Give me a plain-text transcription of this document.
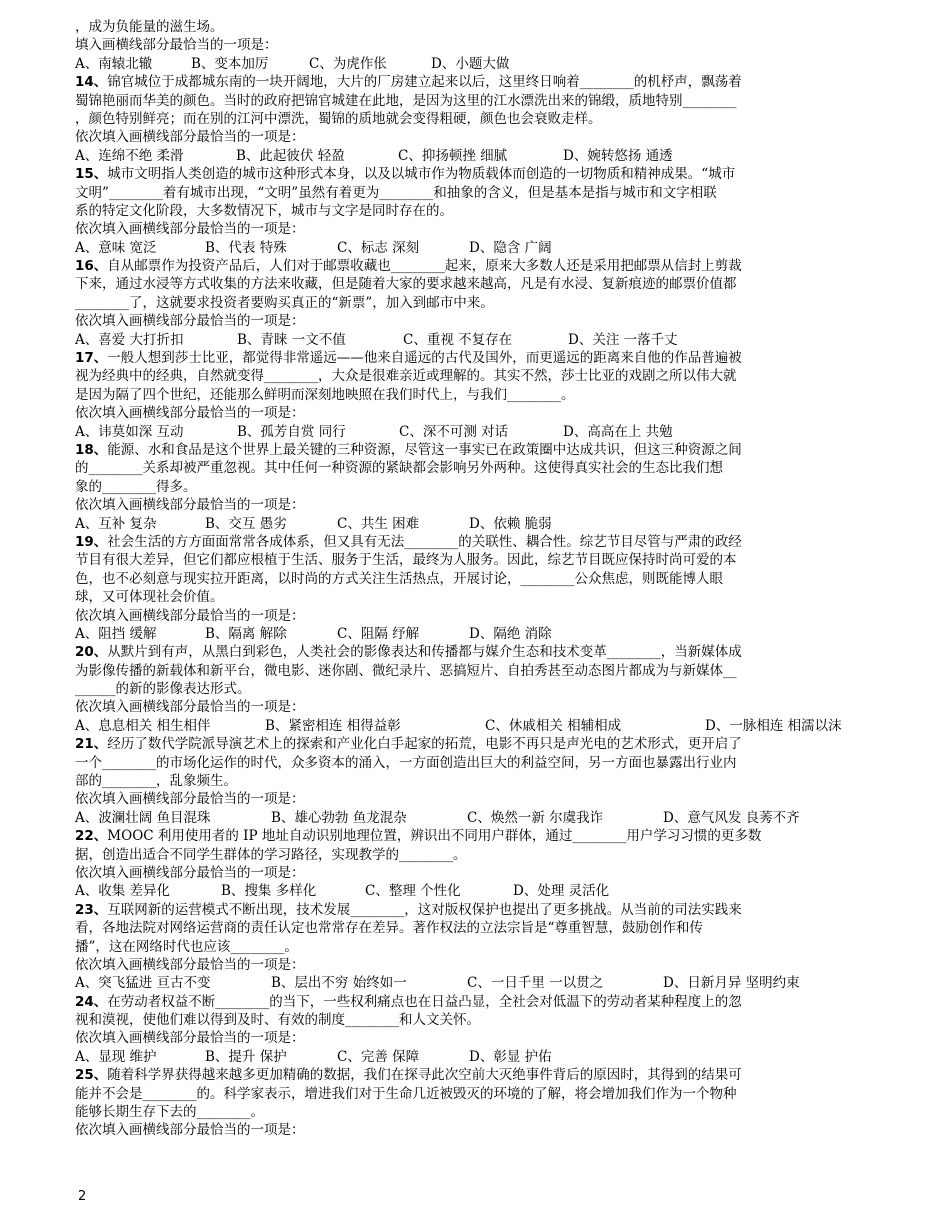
，成为负能量的滋生场。
填入画横线部分最恰当的一项是：
A、南辕北辙	B、变本加厉	C、为虎作伥	D、小题大做
14、锦官城位于成都城东南的一块开阔地，大片的厂房建立起来以后，这里终日响着________的机杼声，飘荡着
蜀锦艳丽而华美的颜色。当时的政府把锦官城建在此地，是因为这里的江水漂洗出来的锦缎，质地特别________
，颜色特别鲜亮；而在别的江河中漂洗，蜀锦的质地就会变得粗硬，颜色也会衰败走样。
依次填入画横线部分最恰当的一项是：
A、连绵不绝 柔滑	B、此起彼伏 轻盈	C、抑扬顿挫 细腻	D、婉转悠扬 通透
15、城市文明指人类创造的城市这种形式本身，以及以城市作为物质载体而创造的一切物质和精神成果。“城市
文明”________着有城市出现，“文明”虽然有着更为________和抽象的含义，但是基本是指与城市和文字相联
系的特定文化阶段，大多数情况下，城市与文字是同时存在的。
依次填入画横线部分最恰当的一项是：
A、意味 宽泛	B、代表 特殊	C、标志 深刻	D、隐含 广阔
16、自从邮票作为投资产品后，人们对于邮票收藏也________起来，原来大多数人还是采用把邮票从信封上剪裁
下来，通过水浸等方式收集的方法来收藏，但是随着大家的要求越来越高，凡是有水浸、复新痕迹的邮票价值都
________了，这就要求投资者要购买真正的“新票”，加入到邮市中来。
依次填入画横线部分最恰当的一项是：
A、喜爱 大打折扣	B、青睐 一文不值	C、重视 不复存在	D、关注 一落千丈
17、一般人想到莎士比亚，都觉得非常遥远——他来自遥远的古代及国外，而更遥远的距离来自他的作品普遍被
视为经典中的经典，自然就变得________，大众是很难亲近或理解的。其实不然，莎士比亚的戏剧之所以伟大就
是因为隔了四个世纪，还能那么鲜明而深刻地映照在我们时代上，与我们________。
依次填入画横线部分最恰当的一项是：
A、讳莫如深 互动	B、孤芳自赏 同行	C、深不可测 对话	D、高高在上 共勉
18、能源、水和食品是这个世界上最关键的三种资源，尽管这一事实已在政策圈中达成共识，但这三种资源之间
的________关系却被严重忽视。其中任何一种资源的紧缺都会影响另外两种。这使得真实社会的生态比我们想
象的________得多。
依次填入画横线部分最恰当的一项是：
A、互补 复杂	B、交互 愚劣	C、共生 困难	D、依赖 脆弱
19、社会生活的方方面面常常各成体系，但又具有无法________的关联性、耦合性。综艺节目尽管与严肃的政经
节目有很大差异，但它们都应根植于生活、服务于生活，最终为人服务。因此，综艺节目既应保持时尚可爱的本
色，也不必刻意与现实拉开距离，以时尚的方式关注生活热点，开展讨论，________公众焦虑，则既能博人眼
球，又可体现社会价值。
依次填入画横线部分最恰当的一项是：
A、阻挡 缓解	B、隔离 解除	C、阻隔 纾解	D、隔绝 消除
20、从默片到有声，从黑白到彩色，人类社会的影像表达和传播都与媒介生态和技术变革________，当新媒体成
为影像传播的新载体和新平台，微电影、迷你剧、微纪录片、恶搞短片、自拍秀甚至动态图片都成为与新媒体__
______的新的影像表达形式。
依次填入画横线部分最恰当的一项是：
A、息息相关 相生相伴	B、紧密相连 相得益彰	C、休戚相关 相辅相成	D、一脉相连 相濡以沫
21、经历了数代学院派导演艺术上的探索和产业化白手起家的拓荒，电影不再只是声光电的艺术形式，更开启了
一个________的市场化运作的时代，众多资本的涌入，一方面创造出巨大的利益空间，另一方面也暴露出行业内
部的________，乱象频生。
依次填入画横线部分最恰当的一项是：
A、波澜壮阔 鱼目混珠	B、雄心勃勃 鱼龙混杂	C、焕然一新 尔虞我诈	D、意气风发 良莠不齐
22、MOOC 利用使用者的 IP 地址自动识别地理位置，辨识出不同用户群体，通过________用户学习习惯的更多数
据，创造出适合不同学生群体的学习路径，实现教学的________。
依次填入画横线部分最恰当的一项是：
A、收集 差异化	B、搜集 多样化	C、整理 个性化	D、处理 灵活化
23、互联网新的运营模式不断出现，技术发展________，这对版权保护也提出了更多挑战。从当前的司法实践来
看，各地法院对网络运营商的责任认定也常常存在差异。著作权法的立法宗旨是“尊重智慧，鼓励创作和传
播”，这在网络时代也应该________。
依次填入画横线部分最恰当的一项是：
A、突飞猛进 亘古不变	B、层出不穷 始终如一	C、一日千里 一以贯之	D、日新月异 坚明约束
24、在劳动者权益不断________的当下，一些权利痛点也在日益凸显，全社会对低温下的劳动者某种程度上的忽
视和漠视，使他们难以得到及时、有效的制度________和人文关怀。
依次填入画横线部分最恰当的一项是：
A、显现 维护	B、提升 保护	C、完善 保障	D、彰显 护佑
25、随着科学界获得越来越多更加精确的数据，我们在探寻此次空前大灭绝事件背后的原因时，其得到的结果可
能并不会是________的。科学家表示，增进我们对于生命几近被毁灭的环境的了解，将会增加我们作为一个物种
能够长期生存下去的________。
依次填入画横线部分最恰当的一项是：
2
